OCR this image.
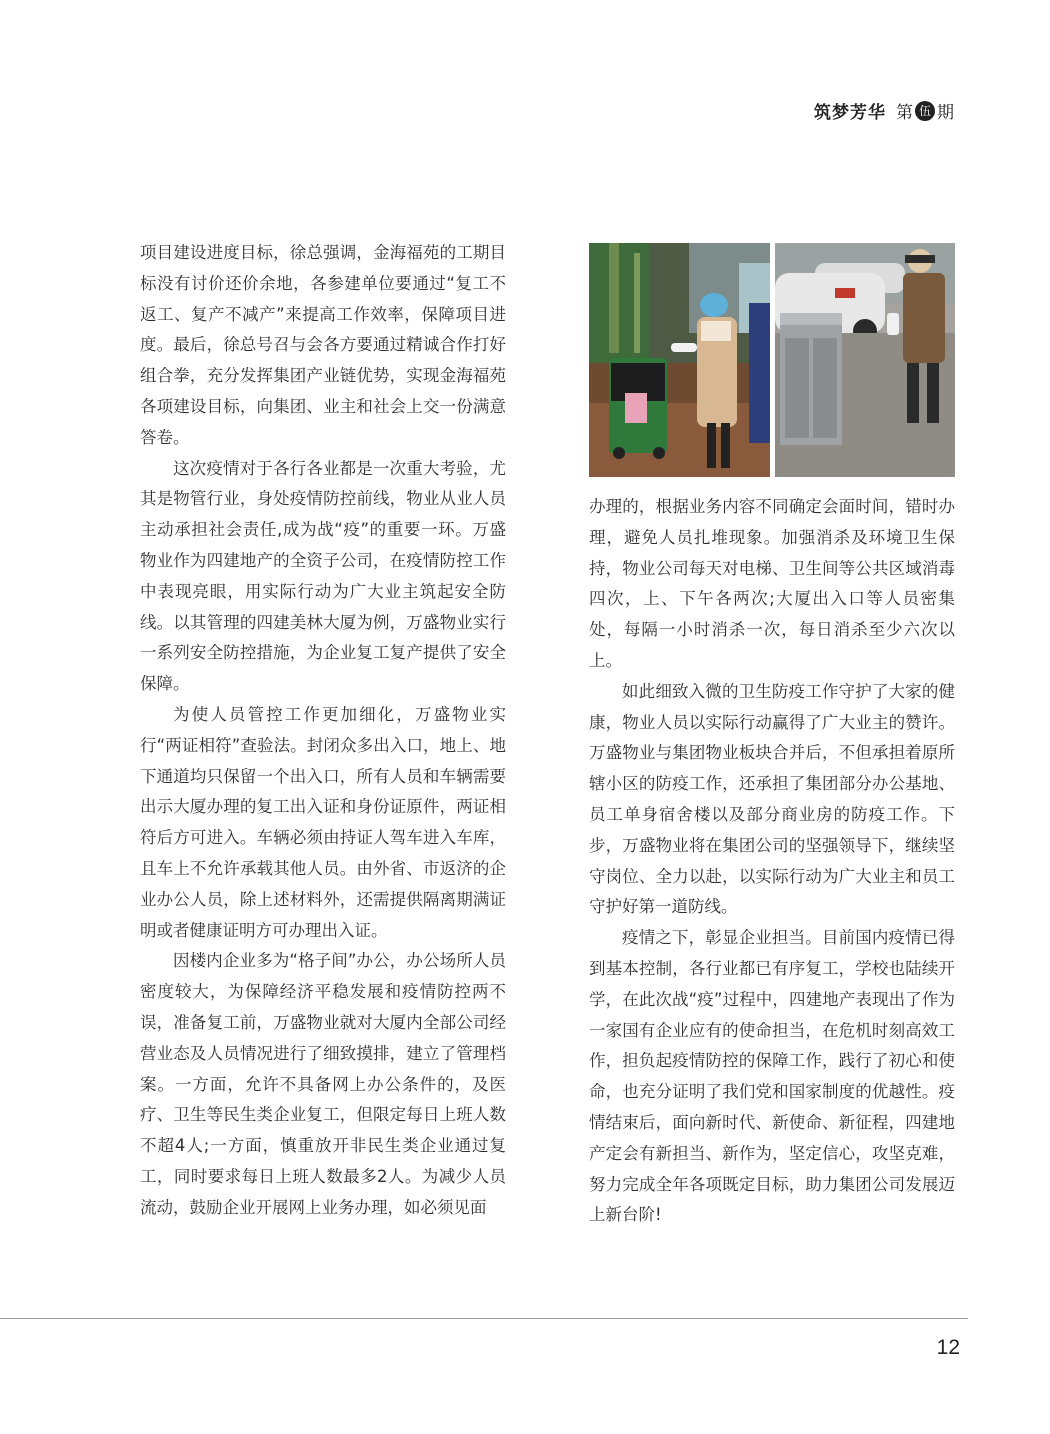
筑梦芳华 第 伍 期

项目建设进度目标，徐总强调，金海福苑的工期目标没有讨价还价余地，各参建单位要通过“复工不返工、复产不减产”来提高工作效率，保障项目进度。最后，徐总号召与会各方要通过精诚合作打好组合拳，充分发挥集团产业链优势，实现金海福苑各项建设目标，向集团、业主和社会上交一份满意答卷。

这次疫情对于各行各业都是一次重大考验，尤其是物管行业，身处疫情防控前线，物业从业人员主动承担社会责任,成为战“疫”的重要一环。万盛物业作为四建地产的全资子公司，在疫情防控工作中表现亮眼，用实际行动为广大业主筑起安全防线。以其管理的四建美林大厦为例，万盛物业实行一系列安全防控措施，为企业复工复产提供了安全保障。

为使人员管控工作更加细化，万盛物业实行“两证相符”查验法。封闭众多出入口，地上、地下通道均只保留一个出入口，所有人员和车辆需要出示大厦办理的复工出入证和身份证原件，两证相符后方可进入。车辆必须由持证人驾车进入车库，且车上不允许承载其他人员。由外省、市返济的企业办公人员，除上述材料外，还需提供隔离期满证明或者健康证明方可办理出入证。

因楼内企业多为“格子间”办公，办公场所人员密度较大，为保障经济平稳发展和疫情防控两不误，准备复工前，万盛物业就对大厦内全部公司经营业态及人员情况进行了细致摸排，建立了管理档案。一方面，允许不具备网上办公条件的，及医疗、卫生等民生类企业复工，但限定每日上班人数不超4人;一方面，慎重放开非民生类企业通过复工，同时要求每日上班人数最多2人。为减少人员流动，鼓励企业开展网上业务办理，如必须见面

办理的，根据业务内容不同确定会面时间，错时办理，避免人员扎堆现象。加强消杀及环境卫生保持，物业公司每天对电梯、卫生间等公共区域消毒四次，上、下午各两次;大厦出入口等人员密集处，每隔一小时消杀一次，每日消杀至少六次以上。

如此细致入微的卫生防疫工作守护了大家的健康，物业人员以实际行动赢得了广大业主的赞许。万盛物业与集团物业板块合并后，不但承担着原所辖小区的防疫工作，还承担了集团部分办公基地、员工单身宿舍楼以及部分商业房的防疫工作。下步，万盛物业将在集团公司的坚强领导下，继续坚守岗位、全力以赴，以实际行动为广大业主和员工守护好第一道防线。

疫情之下，彰显企业担当。目前国内疫情已得到基本控制，各行业都已有序复工，学校也陆续开学，在此次战“疫”过程中，四建地产表现出了作为一家国有企业应有的使命担当，在危机时刻高效工作，担负起疫情防控的保障工作，践行了初心和使命，也充分证明了我们党和国家制度的优越性。疫情结束后，面向新时代、新使命、新征程，四建地产定会有新担当、新作为，坚定信心，攻坚克难，努力完成全年各项既定目标，助力集团公司发展迈上新台阶!

12
